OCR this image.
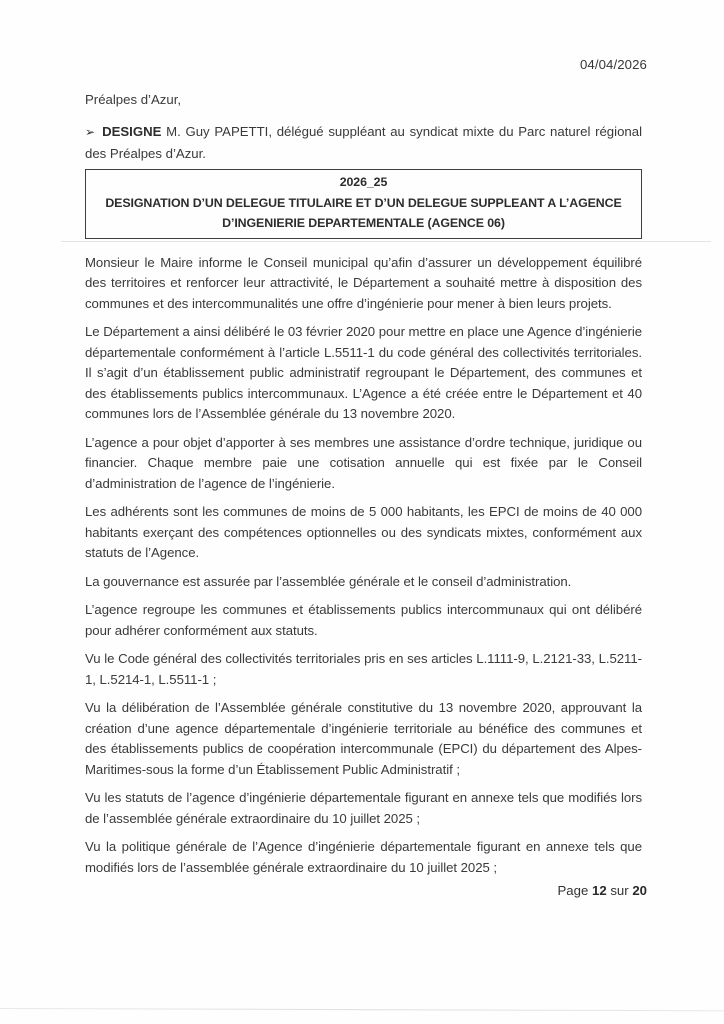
04/04/2026

Préalpes d’Azur,

➢ DESIGNE M. Guy PAPETTI, délégué suppléant au syndicat mixte du Parc naturel régional des Préalpes d’Azur.

2026_25
DESIGNATION D’UN DELEGUE TITULAIRE ET D’UN DELEGUE SUPPLEANT A L’AGENCE
D’INGENIERIE DEPARTEMENTALE (AGENCE 06)

Monsieur le Maire informe le Conseil municipal qu’afin d’assurer un développement équilibré des territoires et renforcer leur attractivité, le Département a souhaité mettre à disposition des communes et des intercommunalités une offre d’ingénierie pour mener à bien leurs projets.

Le Département a ainsi délibéré le 03 février 2020 pour mettre en place une Agence d’ingénierie départementale conformément à l’article L.5511-1 du code général des collectivités territoriales. Il s’agit d’un établissement public administratif regroupant le Département, des communes et des établissements publics intercommunaux. L’Agence a été créée entre le Département et 40 communes lors de l’Assemblée générale du 13 novembre 2020.

L’agence a pour objet d’apporter à ses membres une assistance d’ordre technique, juridique ou financier. Chaque membre paie une cotisation annuelle qui est fixée par le Conseil d’administration de l’agence de l’ingénierie.

Les adhérents sont les communes de moins de 5 000 habitants, les EPCI de moins de 40 000 habitants exerçant des compétences optionnelles ou des syndicats mixtes, conformément aux statuts de l’Agence.

La gouvernance est assurée par l’assemblée générale et le conseil d’administration.

L’agence regroupe les communes et établissements publics intercommunaux qui ont délibéré pour adhérer conformément aux statuts.

Vu le Code général des collectivités territoriales pris en ses articles L.1111-9, L.2121-33, L.5211-1, L.5214-1, L.5511-1 ;

Vu la délibération de l’Assemblée générale constitutive du 13 novembre 2020, approuvant la création d’une agence départementale d’ingénierie territoriale au bénéfice des communes et des établissements publics de coopération intercommunale (EPCI) du département des Alpes-Maritimes-sous la forme d’un Établissement Public Administratif ;

Vu les statuts de l’agence d’ingénierie départementale figurant en annexe tels que modifiés lors de l’assemblée générale extraordinaire du 10 juillet 2025 ;

Vu la politique générale de l’Agence d’ingénierie départementale figurant en annexe tels que modifiés lors de l’assemblée générale extraordinaire du 10 juillet 2025 ;

Page 12 sur 20
